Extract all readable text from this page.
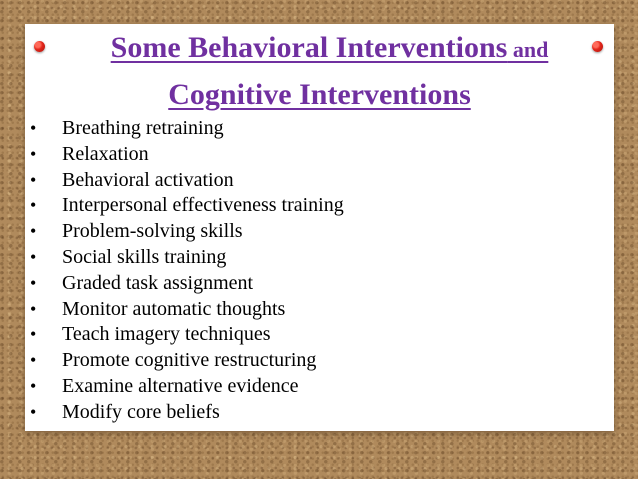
Some Behavioral Interventions and
Cognitive Interventions
•	Breathing retraining
•	Relaxation
•	Behavioral activation
•	Interpersonal effectiveness training
•	Problem-solving skills
•	Social skills training
•	Graded task assignment
•	Monitor automatic thoughts
•	Teach imagery techniques
•	Promote cognitive restructuring
•	Examine alternative evidence
•	Modify core beliefs
